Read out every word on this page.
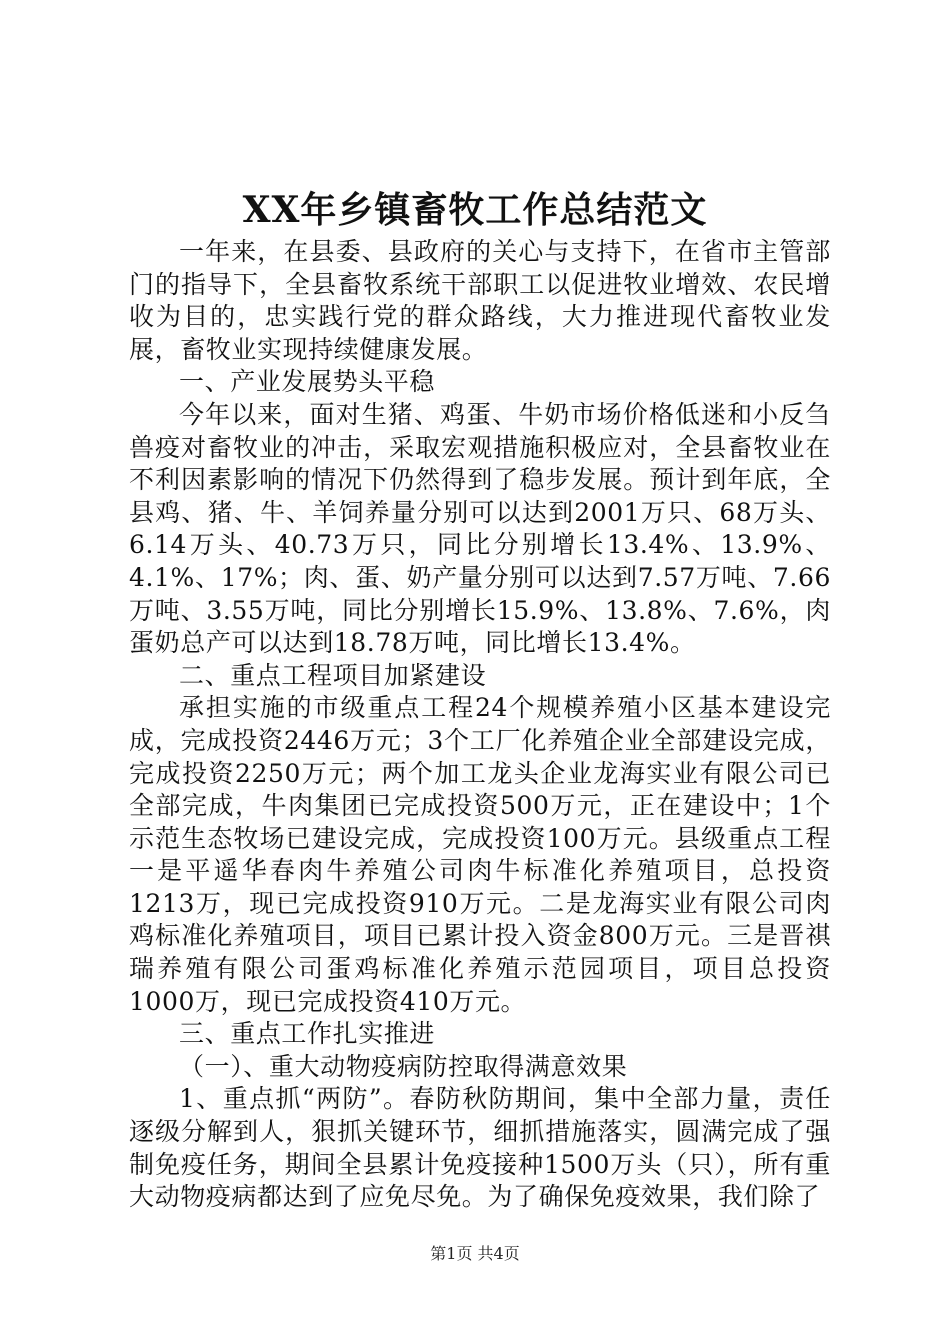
XX年乡镇畜牧工作总结范文

一年来，在县委、县政府的关心与支持下，在省市主管部门的指导下，全县畜牧系统干部职工以促进牧业增效、农民增收为目的，忠实践行党的群众路线，大力推进现代畜牧业发展，畜牧业实现持续健康发展。

一、产业发展势头平稳

今年以来，面对生猪、鸡蛋、牛奶市场价格低迷和小反刍兽疫对畜牧业的冲击，采取宏观措施积极应对，全县畜牧业在不利因素影响的情况下仍然得到了稳步发展。预计到年底，全县鸡、猪、牛、羊饲养量分别可以达到2001万只、68万头、6.14万头、40.73万只，同比分别增长13.4%、13.9%、4.1%、17%；肉、蛋、奶产量分别可以达到7.57万吨、7.66万吨、3.55万吨，同比分别增长15.9%、13.8%、7.6%，肉蛋奶总产可以达到18.78万吨，同比增长13.4%。

二、重点工程项目加紧建设

承担实施的市级重点工程24个规模养殖小区基本建设完成，完成投资2446万元；3个工厂化养殖企业全部建设完成，完成投资2250万元；两个加工龙头企业龙海实业有限公司已全部完成，牛肉集团已完成投资500万元，正在建设中；1个示范生态牧场已建设完成，完成投资100万元。县级重点工程一是平遥华春肉牛养殖公司肉牛标准化养殖项目，总投资1213万，现已完成投资910万元。二是龙海实业有限公司肉鸡标准化养殖项目，项目已累计投入资金800万元。三是晋祺瑞养殖有限公司蛋鸡标准化养殖示范园项目，项目总投资1000万，现已完成投资410万元。

三、重点工作扎实推进

（一）、重大动物疫病防控取得满意效果

1、重点抓“两防”。春防秋防期间，集中全部力量，责任逐级分解到人，狠抓关键环节，细抓措施落实，圆满完成了强制免疫任务，期间全县累计免疫接种1500万头（只），所有重大动物疫病都达到了应免尽免。为了确保免疫效果，我们除了

第1页 共4页
